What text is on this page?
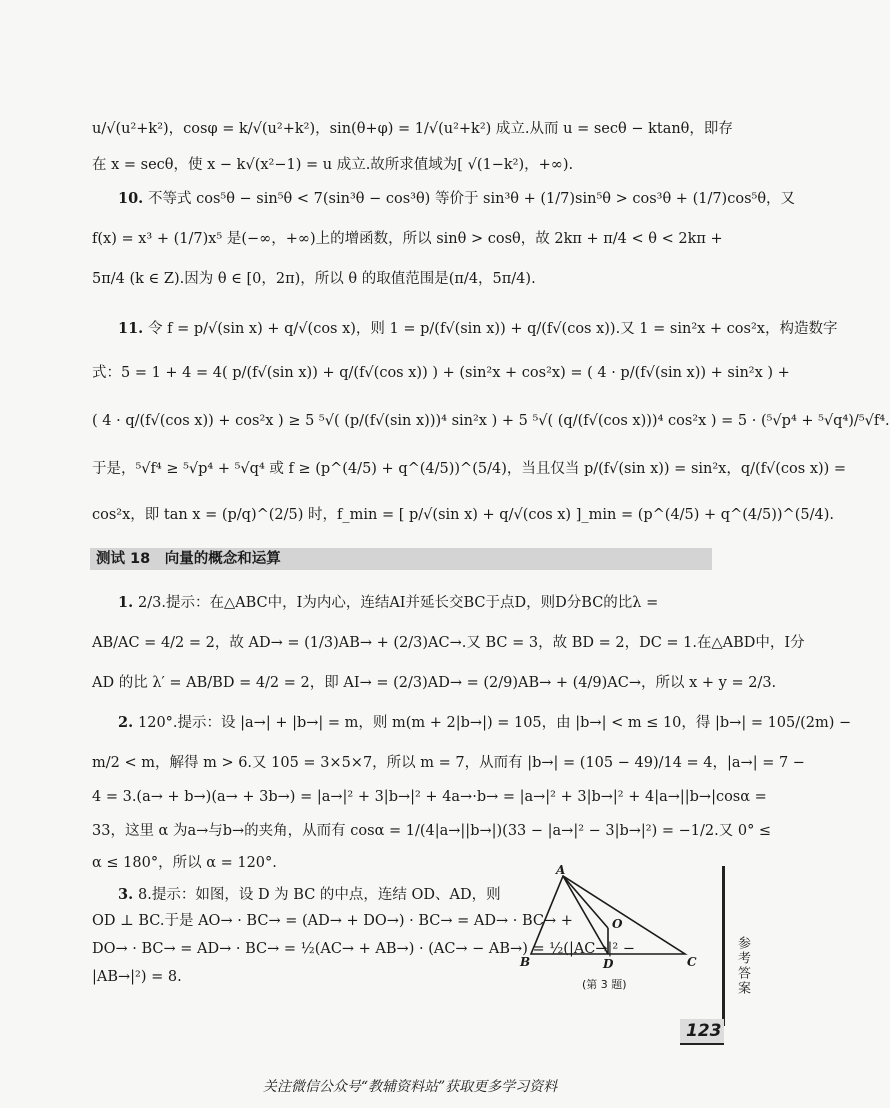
u/√(u²+k²)，cosφ = k/√(u²+k²)，sin(θ+φ) = 1/√(u²+k²) 成立.从而 u = secθ − ktanθ，即存
在 x = secθ，使 x − k√(x²−1) = u 成立.故所求值域为[ √(1−k²)，+∞).
10. 不等式 cos⁵θ − sin⁵θ < 7(sin³θ − cos³θ) 等价于 sin³θ + (1/7)sin⁵θ > cos³θ + (1/7)cos⁵θ，又
f(x) = x³ + (1/7)x⁵ 是(−∞，+∞)上的增函数，所以 sinθ > cosθ，故 2kπ + π/4 < θ < 2kπ +
5π/4 (k ∈ Z).因为 θ ∈ [0，2π)，所以 θ 的取值范围是(π/4，5π/4).
11. 令 f = p/√(sin x) + q/√(cos x)，则 1 = p/(f√(sin x)) + q/(f√(cos x)).又 1 = sin²x + cos²x，构造数字
式：5 = 1 + 4 = 4( p/(f√(sin x)) + q/(f√(cos x)) ) + (sin²x + cos²x) = ( 4 · p/(f√(sin x)) + sin²x ) +
( 4 · q/(f√(cos x)) + cos²x ) ≥ 5 ⁵√( (p/(f√(sin x)))⁴ sin²x ) + 5 ⁵√( (q/(f√(cos x)))⁴ cos²x ) = 5 · (⁵√p⁴ + ⁵√q⁴)/⁵√f⁴.
于是，⁵√f⁴ ≥ ⁵√p⁴ + ⁵√q⁴ 或 f ≥ (p^(4/5) + q^(4/5))^(5/4)，当且仅当 p/(f√(sin x)) = sin²x，q/(f√(cos x)) =
cos²x，即 tan x = (p/q)^(2/5) 时，f_min = [ p/√(sin x) + q/√(cos x) ]_min = (p^(4/5) + q^(4/5))^(5/4).
测试 18　向量的概念和运算
1. 2/3.提示：在△ABC中，I为内心，连结AI并延长交BC于点D，则D分BC的比λ =
AB/AC = 4/2 = 2，故 AD→ = (1/3)AB→ + (2/3)AC→.又 BC = 3，故 BD = 2，DC = 1.在△ABD中，I分
AD 的比 λ′ = AB/BD = 4/2 = 2，即 AI→ = (2/3)AD→ = (2/9)AB→ + (4/9)AC→，所以 x + y = 2/3.
2. 120°.提示：设 |a→| + |b→| = m，则 m(m + 2|b→|) = 105，由 |b→| < m ≤ 10，得 |b→| = 105/(2m) −
m/2 < m，解得 m > 6.又 105 = 3×5×7，所以 m = 7，从而有 |b→| = (105 − 49)/14 = 4，|a→| = 7 −
4 = 3.(a→ + b→)(a→ + 3b→) = |a→|² + 3|b→|² + 4a→·b→ = |a→|² + 3|b→|² + 4|a→||b→|cosα =
33，这里 α 为a→与b→的夹角，从而有 cosα = 1/(4|a→||b→|)(33 − |a→|² − 3|b→|²) = −1/2.又 0° ≤
α ≤ 180°，所以 α = 120°.
3. 8.提示：如图，设 D 为 BC 的中点，连结 OD、AD，则
OD ⊥ BC.于是 AO→ · BC→ = (AD→ + DO→) · BC→ = AD→ · BC→ +
DO→ · BC→ = AD→ · BC→ = ½(AC→ + AB→) · (AC→ − AB→) = ½(|AC→|² −
|AB→|²) = 8.
A
B	C
D
O
(第 3 题)	参考答案
123
关注微信公众号“教辅资料站”获取更多学习资料
